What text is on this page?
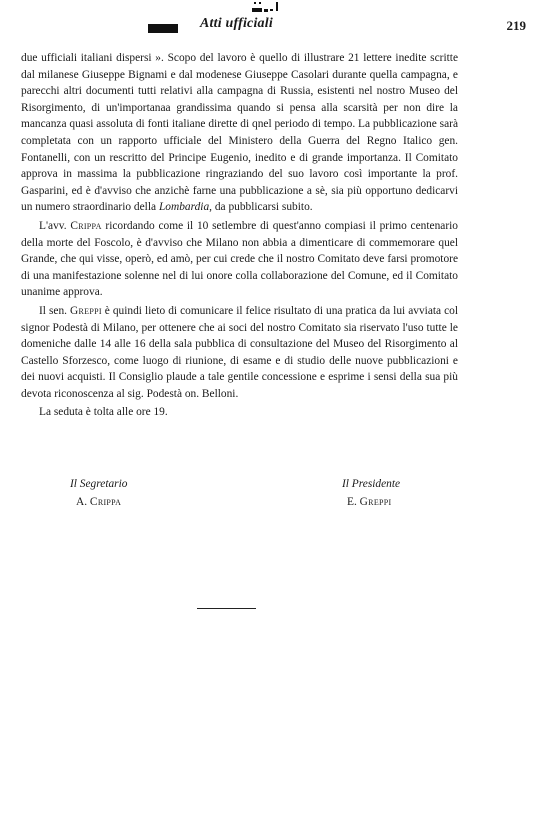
Atti ufficiali	219

due ufficiali italiani dispersi ». Scopo del lavoro è quello di illustrare 21 lettere inedite scritte dal milanese Giuseppe Bignami e dal modenese Giuseppe Casolari durante quella campagna, e parecchi altri documenti tutti relativi alla campagna di Russia, esistenti nel nostro Museo del Risorgimento, di un'importanaa grandissima quando si pensa alla scarsità per non dire la mancanza quasi assoluta di fonti italiane dirette di qnel periodo di tempo. La pubblicazione sarà completata con un rapporto ufficiale del Ministero della Guerra del Regno Italico gen. Fontanelli, con un rescritto del Principe Eugenio, inedito e di grande importanza. Il Comitato approva in massima la pubblicazione ringraziando del suo lavoro così importante la prof. Gasparini, ed è d'avviso che anzichè farne una pubblicazione a sè, sia più opportuno dedicarvi un numero straordinario della Lombardia, da pubblicarsi subito.

L'avv. Crippa ricordando come il 10 setlembre di quest'anno compiasi il primo centenario della morte del Foscolo, è d'avviso che Milano non abbia a dimenticare di commemorare quel Grande, che qui visse, operò, ed amò, per cui crede che il nostro Comitato deve farsi promotore di una manifestazione solenne nel di lui onore colla collaborazione del Comune, ed il Comitato unanime approva.

Il sen. Greppi è quindi lieto di comunicare il felice risultato di una pratica da lui avviata col signor Podestà di Milano, per ottenere che ai soci del nostro Comitato sia riservato l'uso tutte le domeniche dalle 14 alle 16 della sala pubblica di consultazione del Museo del Risorgimento al Castello Sforzesco, come luogo di riunione, di esame e di studio delle nuove pubblicazioni e dei nuovi acquisti. Il Consiglio plaude a tale gentile concessione e esprime i sensi della sua più devota riconoscenza al sig. Podestà on. Belloni.

La seduta è tolta alle ore 19.

Il Segretario
A. Crippa
Il Presidente
E. Greppi
